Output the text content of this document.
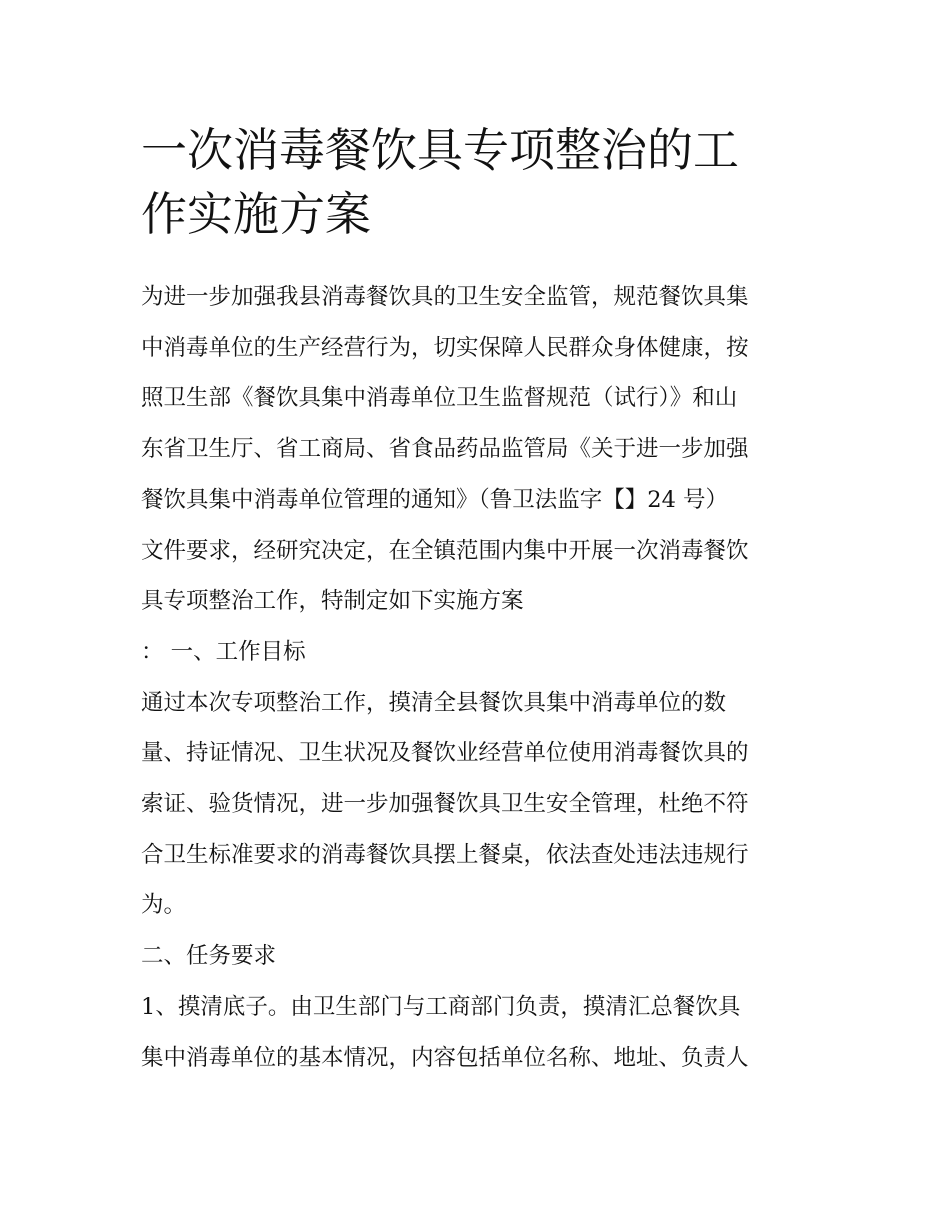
一次消毒餐饮具专项整治的工
作实施方案
为进一步加强我县消毒餐饮具的卫生安全监管，规范餐饮具集
中消毒单位的生产经营行为，切实保障人民群众身体健康，按
照卫生部《餐饮具集中消毒单位卫生监督规范（试行）》和山
东省卫生厅、省工商局、省食品药品监管局《关于进一步加强
餐饮具集中消毒单位管理的通知》（鲁卫法监字【】24 号）
文件要求，经研究决定，在全镇范围内集中开展一次消毒餐饮
具专项整治工作，特制定如下实施方案
： 一、工作目标
通过本次专项整治工作，摸清全县餐饮具集中消毒单位的数
量、持证情况、卫生状况及餐饮业经营单位使用消毒餐饮具的
索证、验货情况，进一步加强餐饮具卫生安全管理，杜绝不符
合卫生标准要求的消毒餐饮具摆上餐桌，依法查处违法违规行
为。
二、任务要求
1、摸清底子。由卫生部门与工商部门负责，摸清汇总餐饮具
集中消毒单位的基本情况，内容包括单位名称、地址、负责人
